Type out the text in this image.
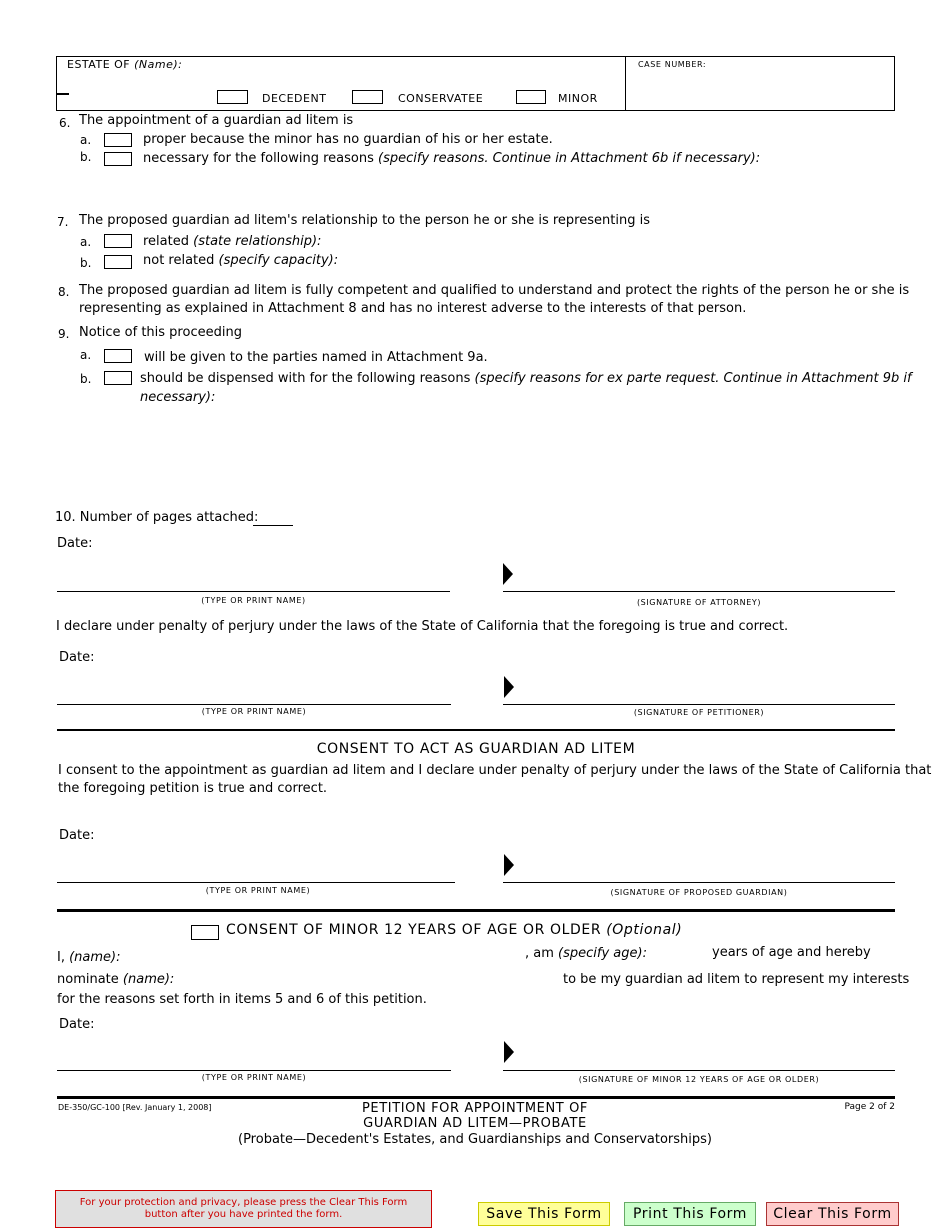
ESTATE OF (Name):
DECEDENT	CONSERVATEE	MINOR
CASE NUMBER:
6. The appointment of a guardian ad litem is
a.	proper because the minor has no guardian of his or her estate.
b.	necessary for the following reasons (specify reasons. Continue in Attachment 6b if necessary):
7. The proposed guardian ad litem's relationship to the person he or she is representing is
a.	related (state relationship):
b.	not related (specify capacity):
8. The proposed guardian ad litem is fully competent and qualified to understand and protect the rights of the person he or she is
representing as explained in Attachment 8 and has no interest adverse to the interests of that person.
9. Notice of this proceeding
a.	will be given to the parties named in Attachment 9a.
b.	should be dispensed with for the following reasons (specify reasons for ex parte request. Continue in Attachment 9b if
necessary):
10. Number of pages attached:
Date:
(TYPE OR PRINT NAME)	(SIGNATURE OF ATTORNEY)
I declare under penalty of perjury under the laws of the State of California that the foregoing is true and correct.
Date:
(TYPE OR PRINT NAME)	(SIGNATURE OF PETITIONER)
CONSENT TO ACT AS GUARDIAN AD LITEM
I consent to the appointment as guardian ad litem and I declare under penalty of perjury under the laws of the State of California that
the foregoing petition is true and correct.
Date:
(TYPE OR PRINT NAME)	(SIGNATURE OF PROPOSED GUARDIAN)
CONSENT OF MINOR 12 YEARS OF AGE OR OLDER (Optional)
I, (name):	, am (specify age):	years of age and hereby
nominate (name):	to be my guardian ad litem to represent my interests
for the reasons set forth in items 5 and 6 of this petition.
Date:
(TYPE OR PRINT NAME)	(SIGNATURE OF MINOR 12 YEARS OF AGE OR OLDER)
DE-350/GC-100 [Rev. January 1, 2008]	PETITION FOR APPOINTMENT OF
GUARDIAN AD LITEM—PROBATE
(Probate—Decedent's Estates, and Guardianships and Conservatorships)
Page 2 of 2
For your protection and privacy, please press the Clear This Form button after you have printed the form.	Save This Form	Print This Form	Clear This Form
